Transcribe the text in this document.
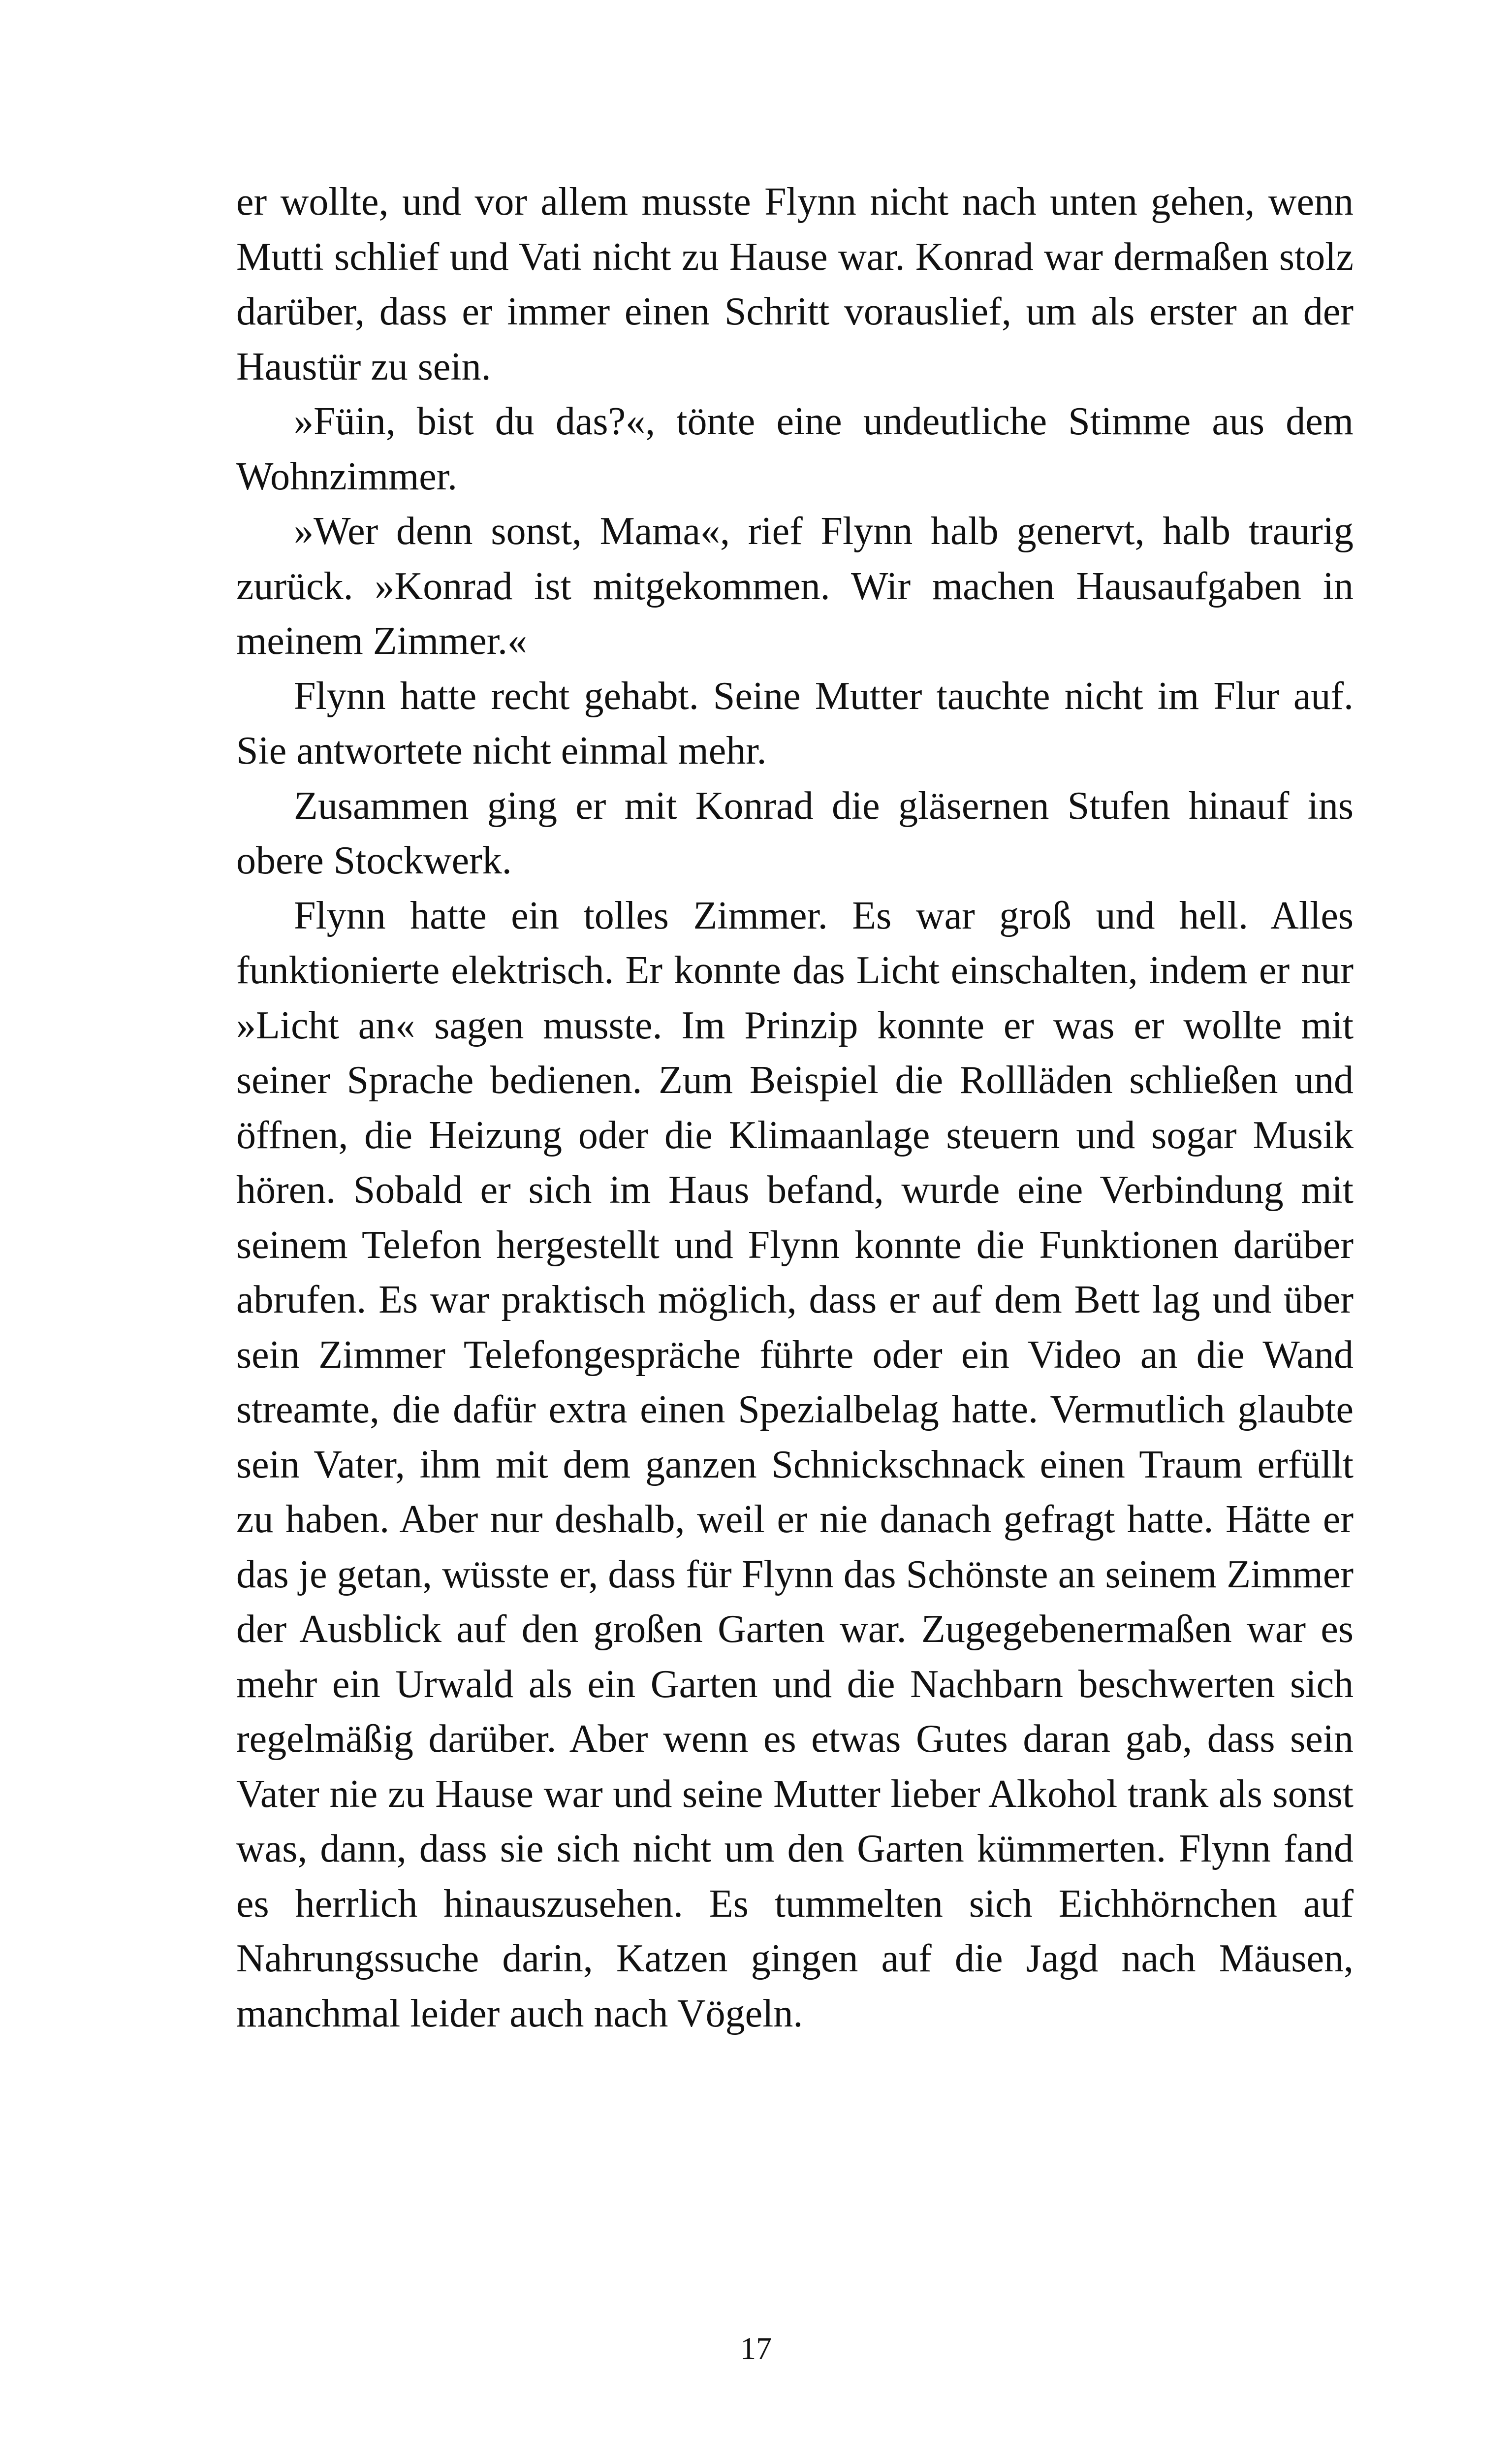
er wollte, und vor allem musste Flynn nicht nach unten gehen, wenn Mutti schlief und Vati nicht zu Hause war. Konrad war dermaßen stolz darüber, dass er immer einen Schritt vorauslief, um als erster an der Haustür zu sein.

»Füin, bist du das?«, tönte eine undeutliche Stimme aus dem Wohnzimmer.

»Wer denn sonst, Mama«, rief Flynn halb genervt, halb traurig zurück. »Konrad ist mitgekommen. Wir machen Hausaufgaben in meinem Zimmer.«

Flynn hatte recht gehabt. Seine Mutter tauchte nicht im Flur auf. Sie antwortete nicht einmal mehr.

Zusammen ging er mit Konrad die gläsernen Stufen hinauf ins obere Stockwerk.

Flynn hatte ein tolles Zimmer. Es war groß und hell. Alles funktionierte elektrisch. Er konnte das Licht einschalten, indem er nur »Licht an« sagen musste. Im Prinzip konnte er was er wollte mit seiner Sprache bedienen. Zum Beispiel die Rollläden schließen und öffnen, die Heizung oder die Klimaanlage steuern und sogar Musik hören. Sobald er sich im Haus befand, wurde eine Verbindung mit seinem Telefon hergestellt und Flynn konnte die Funktionen darüber abrufen. Es war praktisch möglich, dass er auf dem Bett lag und über sein Zimmer Telefongespräche führte oder ein Video an die Wand streamte, die dafür extra einen Spezialbelag hatte. Vermutlich glaubte sein Vater, ihm mit dem ganzen Schnickschnack einen Traum erfüllt zu haben. Aber nur deshalb, weil er nie danach gefragt hatte. Hätte er das je getan, wüsste er, dass für Flynn das Schönste an seinem Zimmer der Ausblick auf den großen Garten war. Zugegebenermaßen war es mehr ein Urwald als ein Garten und die Nachbarn beschwerten sich regelmäßig darüber. Aber wenn es etwas Gutes daran gab, dass sein Vater nie zu Hause war und seine Mutter lieber Alkohol trank als sonst was, dann, dass sie sich nicht um den Garten kümmerten. Flynn fand es herrlich hinauszusehen. Es tummelten sich Eichhörnchen auf Nahrungssuche darin, Katzen gingen auf die Jagd nach Mäusen, manchmal leider auch nach Vögeln.

17
